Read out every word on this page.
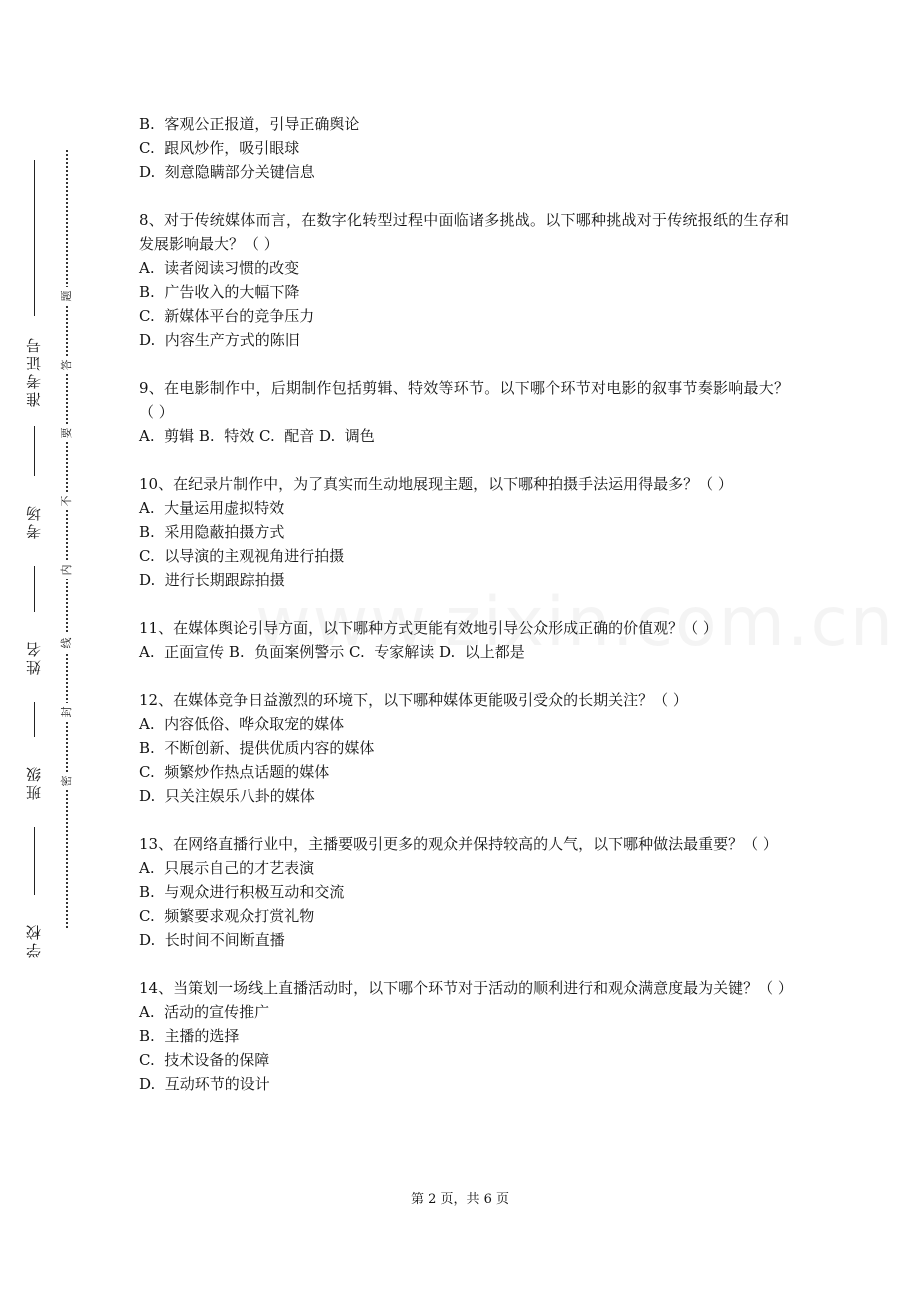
准考证号
考场
姓名
班级
学校
题
答
要
不
内
线
封
密

B.  客观公正报道，引导正确舆论

C.  跟风炒作，吸引眼球

D.  刻意隐瞒部分关键信息

8、对于传统媒体而言，在数字化转型过程中面临诸多挑战。以下哪种挑战对于传统报纸的生存和发展影响最大？（ ）

A.  读者阅读习惯的改变

B.  广告收入的大幅下降

C.  新媒体平台的竞争压力

D.  内容生产方式的陈旧

9、在电影制作中，后期制作包括剪辑、特效等环节。以下哪个环节对电影的叙事节奏影响最大？（ ）

A.  剪辑 B.  特效 C.  配音 D.  调色

10、在纪录片制作中，为了真实而生动地展现主题，以下哪种拍摄手法运用得最多？（ ）

A.  大量运用虚拟特效

B.  采用隐蔽拍摄方式

C.  以导演的主观视角进行拍摄

D.  进行长期跟踪拍摄

11、在媒体舆论引导方面，以下哪种方式更能有效地引导公众形成正确的价值观？（ ）

A.  正面宣传 B.  负面案例警示 C.  专家解读 D.  以上都是

12、在媒体竞争日益激烈的环境下，以下哪种媒体更能吸引受众的长期关注？（ ）

A.  内容低俗、哗众取宠的媒体

B.  不断创新、提供优质内容的媒体

C.  频繁炒作热点话题的媒体

D.  只关注娱乐八卦的媒体

13、在网络直播行业中，主播要吸引更多的观众并保持较高的人气，以下哪种做法最重要？（ ）

A.  只展示自己的才艺表演

B.  与观众进行积极互动和交流

C.  频繁要求观众打赏礼物

D.  长时间不间断直播

14、当策划一场线上直播活动时，以下哪个环节对于活动的顺利进行和观众满意度最为关键？（ ）

A.  活动的宣传推广

B.  主播的选择

C.  技术设备的保障

D.  互动环节的设计

第 2 页，共 6 页
